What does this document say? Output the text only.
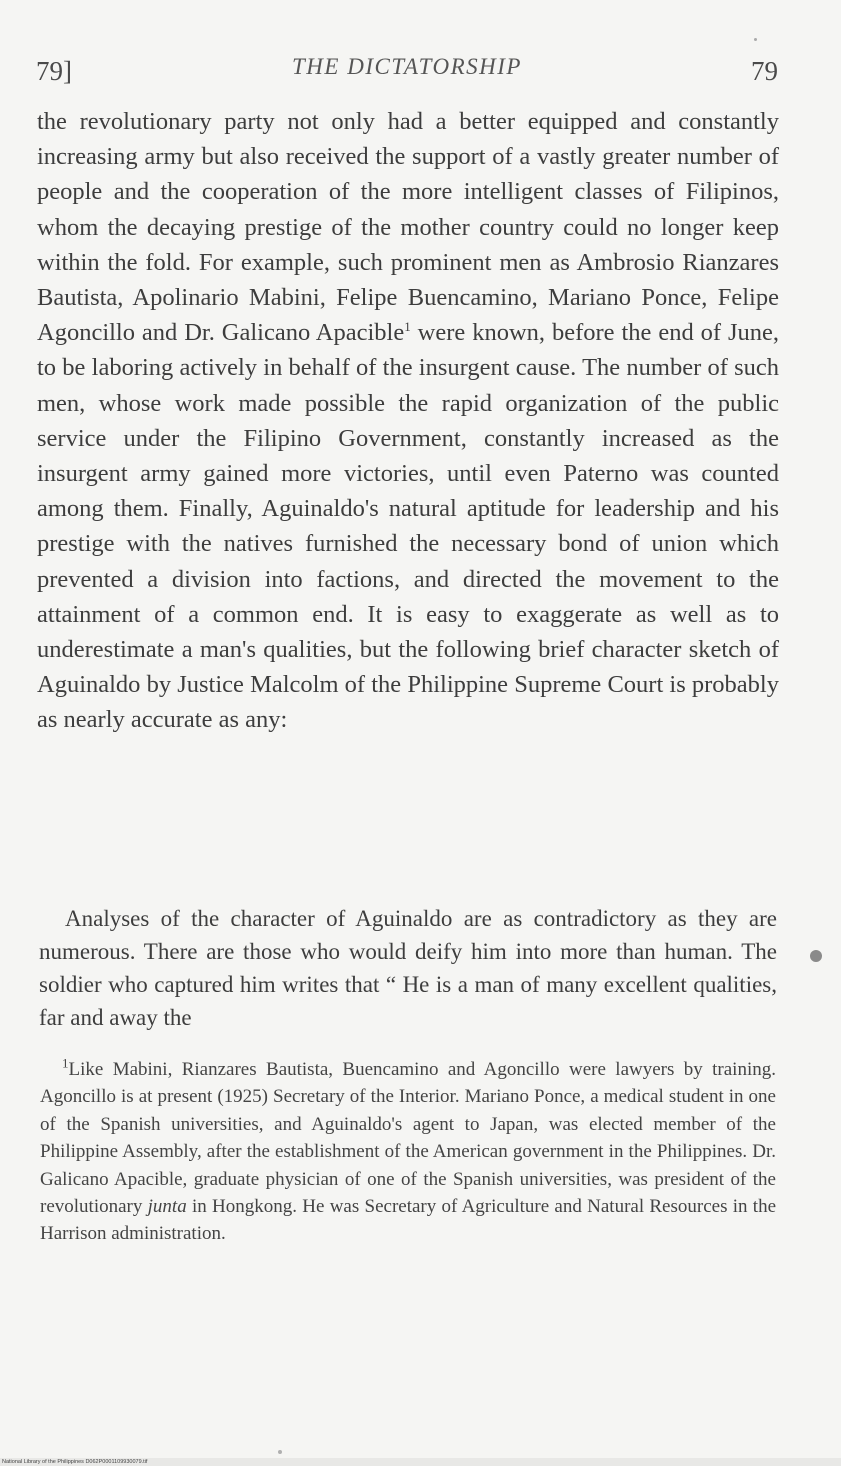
79]	THE DICTATORSHIP	79

the revolutionary party not only had a better equipped and constantly increasing army but also received the support of a vastly greater number of people and the cooperation of the more intelligent classes of Filipinos, whom the decaying prestige of the mother country could no longer keep within the fold. For example, such prominent men as Ambrosio Rianzares Bautista, Apolinario Mabini, Felipe Buencamino, Mariano Ponce, Felipe Agoncillo and Dr. Galicano Apacible$^1$ were known, before the end of June, to be laboring actively in behalf of the insurgent cause. The number of such men, whose work made possible the rapid organization of the public service under the Filipino Government, constantly increased as the insurgent army gained more victories, until even Paterno was counted among them. Finally, Aguinaldo's natural aptitude for leadership and his prestige with the natives furnished the necessary bond of union which prevented a division into factions, and directed the movement to the attainment of a common end. It is easy to exaggerate as well as to underestimate a man's qualities, but the following brief character sketch of Aguinaldo by Justice Malcolm of the Philippine Supreme Court is probably as nearly accurate as any:

Analyses of the character of Aguinaldo are as contradictory as they are numerous. There are those who would deify him into more than human. The soldier who captured him writes that “ He is a man of many excellent qualities, far and away the

$^1$Like Mabini, Rianzares Bautista, Buencamino and Agoncillo were lawyers by training. Agoncillo is at present (1925) Secretary of the Interior. Mariano Ponce, a medical student in one of the Spanish universities, and Aguinaldo's agent to Japan, was elected member of the Philippine Assembly, after the establishment of the American government in the Philippines. Dr. Galicano Apacible, graduate physician of one of the Spanish universities, was president of the revolutionary junta in Hongkong. He was Secretary of Agriculture and Natural Resources in the Harrison administration.

National Library of the Philippines D062P0001109930079.tif
